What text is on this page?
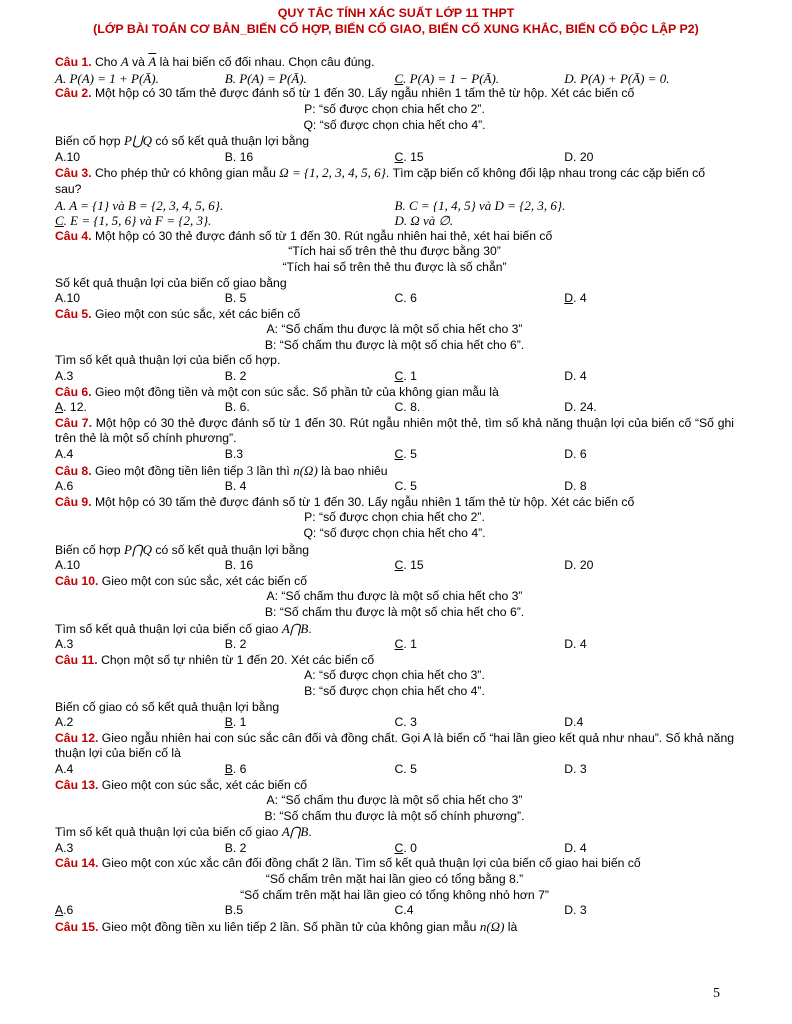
QUY TẮC TÍNH XÁC SUẤT LỚP 11 THPT
(LỚP BÀI TOÁN CƠ BẢN_BIẾN CỐ HỢP, BIẾN CỐ GIAO, BIẾN CỐ XUNG KHẮC, BIẾN CỐ ĐỘC LẬP P2)
Câu 1. Cho A và $\overline{A}$ là hai biến cố đối nhau. Chọn câu đúng.
A. P(A) = 1 + P(Ā).	B. P(A) = P(Ā).	C. P(A) = 1 − P(Ā).	D. P(A) + P(Ā) = 0.
Câu 2. Một hộp có 30 tấm thẻ được đánh số từ 1 đến 30. Lấy ngẫu nhiên 1 tấm thẻ từ hộp. Xét các biến cố
P: “số được chọn chia hết cho 2”.
Q: “số được chọn chia hết cho 4”.
Biến cố hợp P⋃Q có số kết quả thuận lợi bằng
A.10	B. 16	C. 15	D. 20
Câu 3. Cho phép thử có không gian mẫu Ω = {1, 2, 3, 4, 5, 6}. Tìm cặp biến cố không đối lập nhau trong các cặp biến cố sau?
A. A = {1} và B = {2, 3, 4, 5, 6}.	B. C = {1, 4, 5} và D = {2, 3, 6}.
C. E = {1, 5, 6} và F = {2, 3}.	D. Ω và ∅.
Câu 4. Một hộp có 30 thẻ được đánh số từ 1 đến 30. Rút ngẫu nhiên hai thẻ, xét hai biến cố
“Tích hai số trên thẻ thu được bằng 30”
“Tích hai số trên thẻ thu được là số chẵn”
Số kết quả thuận lợi của biến cố giao bằng
A.10	B. 5	C. 6	D. 4
Câu 5. Gieo một con súc sắc, xét các biến cố
A: “Số chấm thu được là một số chia hết cho 3”
B: “Số chấm thu được là một số chia hết cho 6”.
Tìm số kết quả thuận lợi của biến cố hợp.
A.3	B. 2	C. 1	D. 4
Câu 6. Gieo một đồng tiền và một con súc sắc. Số phần tử của không gian mẫu là
A. 12.	B. 6.	C. 8.	D. 24.
Câu 7. Một hộp có 30 thẻ được đánh số từ 1 đến 30. Rút ngẫu nhiên một thẻ, tìm số khả năng thuận lợi của biến cố “Số ghi trên thẻ là một số chính phương”.
A.4	B.3	C. 5	D. 6
Câu 8. Gieo một đồng tiền liên tiếp 3 lần thì n(Ω) là bao nhiêu
A.6	B. 4	C. 5	D. 8
Câu 9. Một hộp có 30 tấm thẻ được đánh số từ 1 đến 30. Lấy ngẫu nhiên 1 tấm thẻ từ hộp. Xét các biến cố
P: “số được chọn chia hết cho 2”.
Q: “số được chọn chia hết cho 4”.
Biến cố hợp P⋂Q có số kết quả thuận lợi bằng
A.10	B. 16	C. 15	D. 20
Câu 10. Gieo một con súc sắc, xét các biến cố
A: “Số chấm thu được là một số chia hết cho 3”
B: “Số chấm thu được là một số chia hết cho 6”.
Tìm số kết quả thuận lợi của biến cố giao A⋂B.
A.3	B. 2	C. 1	D. 4
Câu 11. Chọn một số tự nhiên từ 1 đến 20. Xét các biến cố
A: “số được chọn chia hết cho 3”.
B: “số được chọn chia hết cho 4”.
Biến cố giao có số kết quả thuận lợi bằng
A.2	B. 1	C. 3	D.4
Câu 12. Gieo ngẫu nhiên hai con súc sắc cân đối và đồng chất. Gọi A là biến cố “hai lần gieo kết quả như nhau”. Số khả năng thuận lợi của biến cố là
A.4	B. 6	C. 5	D. 3
Câu 13. Gieo một con súc sắc, xét các biến cố
A: “Số chấm thu được là một số chia hết cho 3”
B: “Số chấm thu được là một số chính phương”.
Tìm số kết quả thuận lợi của biến cố giao A⋂B.
A.3	B. 2	C. 0	D. 4
Câu 14. Gieo một con xúc xắc cân đối đồng chất 2 lần. Tìm số kết quả thuận lợi của biến cố giao hai biến cố
“Số chấm trên mặt hai lần gieo có tổng bằng 8.”
“Số chấm trên mặt hai lần gieo có tổng không nhỏ hơn 7”
A.6	B.5	C.4	D. 3
Câu 15. Gieo một đồng tiền xu liên tiếp 2 lần. Số phần tử của không gian mẫu n(Ω) là
5
